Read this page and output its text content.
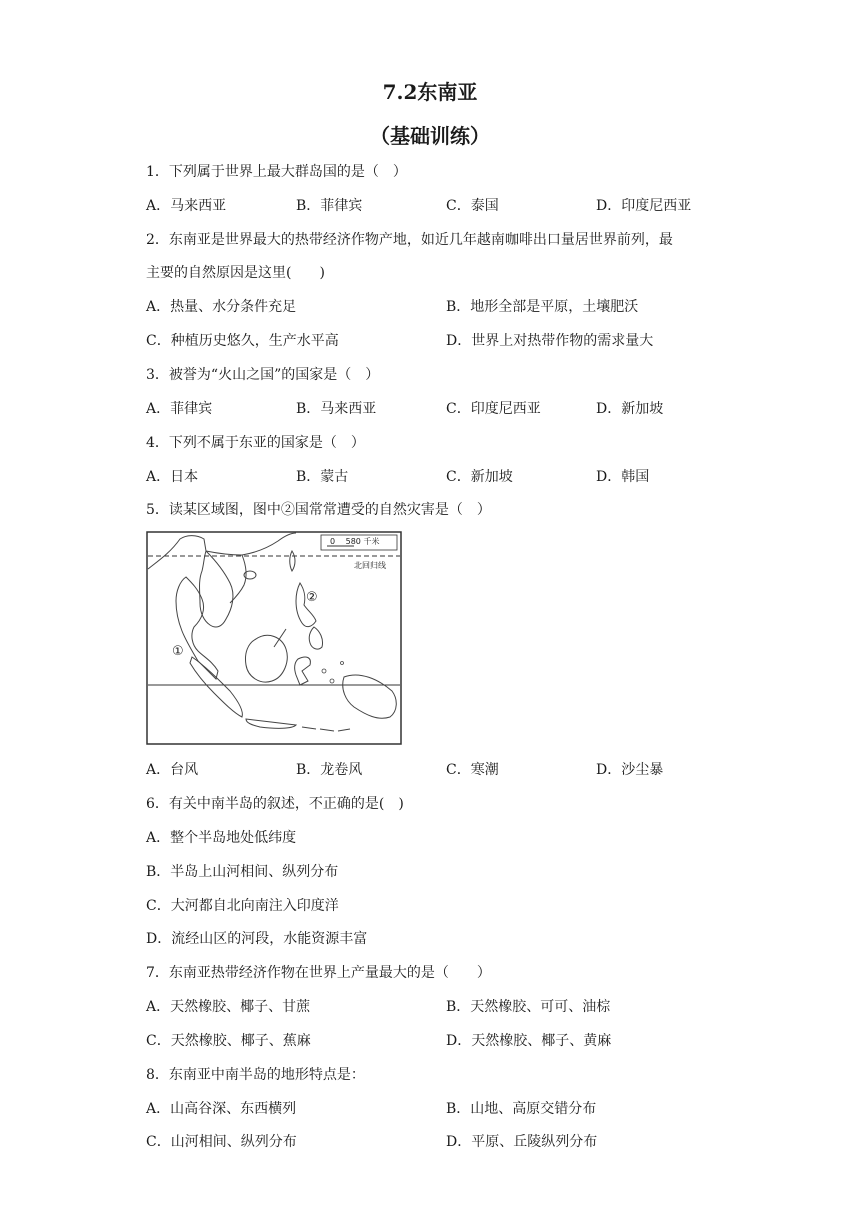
7.2东南亚
（基础训练）
1．下列属于世界上最大群岛国的是（　）
A．马来西亚	B．菲律宾	C．泰国	D．印度尼西亚
2．东南亚是世界最大的热带经济作物产地，如近几年越南咖啡出口量居世界前列，最
主要的自然原因是这里(　　)
A．热量、水分条件充足	B．地形全部是平原，土壤肥沃
C．种植历史悠久，生产水平高	D．世界上对热带作物的需求量大
3．被誉为“火山之国”的国家是（　）
A．菲律宾	B．马来西亚	C．印度尼西亚	D．新加坡
4．下列不属于东亚的国家是（　）
A．日本	B．蒙古	C．新加坡	D．韩国
5．读某区域图，图中②国常常遭受的自然灾害是（　）
0　 580 千米
北回归线
①
②
A．台风	B．龙卷风	C．寒潮	D．沙尘暴
6．有关中南半岛的叙述，不正确的是(　)
A．整个半岛地处低纬度
B．半岛上山河相间、纵列分布
C．大河都自北向南注入印度洋
D．流经山区的河段，水能资源丰富
7．东南亚热带经济作物在世界上产量最大的是（　　）
A．天然橡胶、椰子、甘蔗	B．天然橡胶、可可、油棕
C．天然橡胶、椰子、蕉麻	D．天然橡胶、椰子、黄麻
8．东南亚中南半岛的地形特点是：
A．山高谷深、东西横列	B．山地、高原交错分布
C．山河相间、纵列分布	D．平原、丘陵纵列分布
